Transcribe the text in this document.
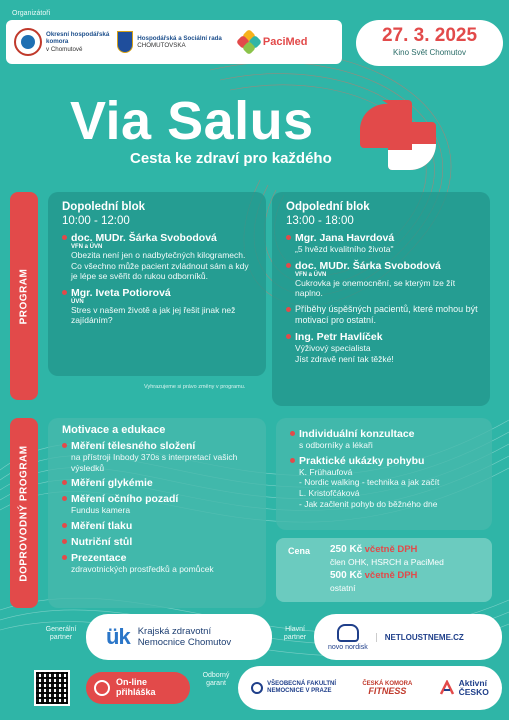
Organizátoři
Okresní hospodářská
komora
v Chomutově
Hospodářská a Sociální rada
CHOMUTOVSKA	PaciMed	27. 3. 2025
Kino Svět Chomutov
Via Salus
Cesta ke zdraví pro každého
PROGRAM
Dopolední blok
10:00 - 12:00
doc. MUDr. Šárka Svobodová
VFN a ÚVN
Obezita není jen o nadbytečných kilogramech. Co všechno může pacient zvládnout sám a kdy je lépe se svěřit do rukou odborníků.
Mgr. Iveta Potiorová
ÚVN
Stres v našem životě a jak jej řešit jinak než zajídáním?
Odpolední blok
13:00 - 18:00
Mgr. Jana Havrdová
„5 hvězd kvalitního života"
doc. MUDr. Šárka Svobodová
VFN a ÚVN
Cukrovka je onemocnění, se kterým lze žít naplno.
Příběhy úspěšných pacientů, které mohou být motivací pro ostatní.
Ing. Petr Havlíček
Výživový specialista
Jíst zdravě není tak těžké!
Vyhrazujeme si právo změny v programu.
DOPROVODNÝ PROGRAM
Motivace a edukace
Měření tělesného složení
na přístroji Inbody 370s s interpretací vašich výsledků
Měření glykémie
Měření očního pozadí
Fundus kamera
Měření tlaku
Nutriční stůl
Prezentace
zdravotnických prostředků a pomůcek
Individuální konzultace
s odborníky a lékaři
Praktické ukázky pohybu
K. Frühaufová
- Nordic walking - technika a jak začít
L. Kristofčáková
- Jak začlenit pohyb do běžného dne
Cena 250 Kč včetně DPH
člen OHK, HSRCH a PaciMed
500 Kč včetně DPH
ostatní
Generální partner	ük Krajská zdravotní
Nemocnice Chomutov
Hlavní partner
novo nordisk
NETLOUSTNEME.CZ
On-line
přihláška
Odborný garant	VŠEOBECNÁ FAKULTNÍ
NEMOCNICE V PRAZE
ČESKÁ KOMORA
FITNESS
Aktivní
ČESKO
